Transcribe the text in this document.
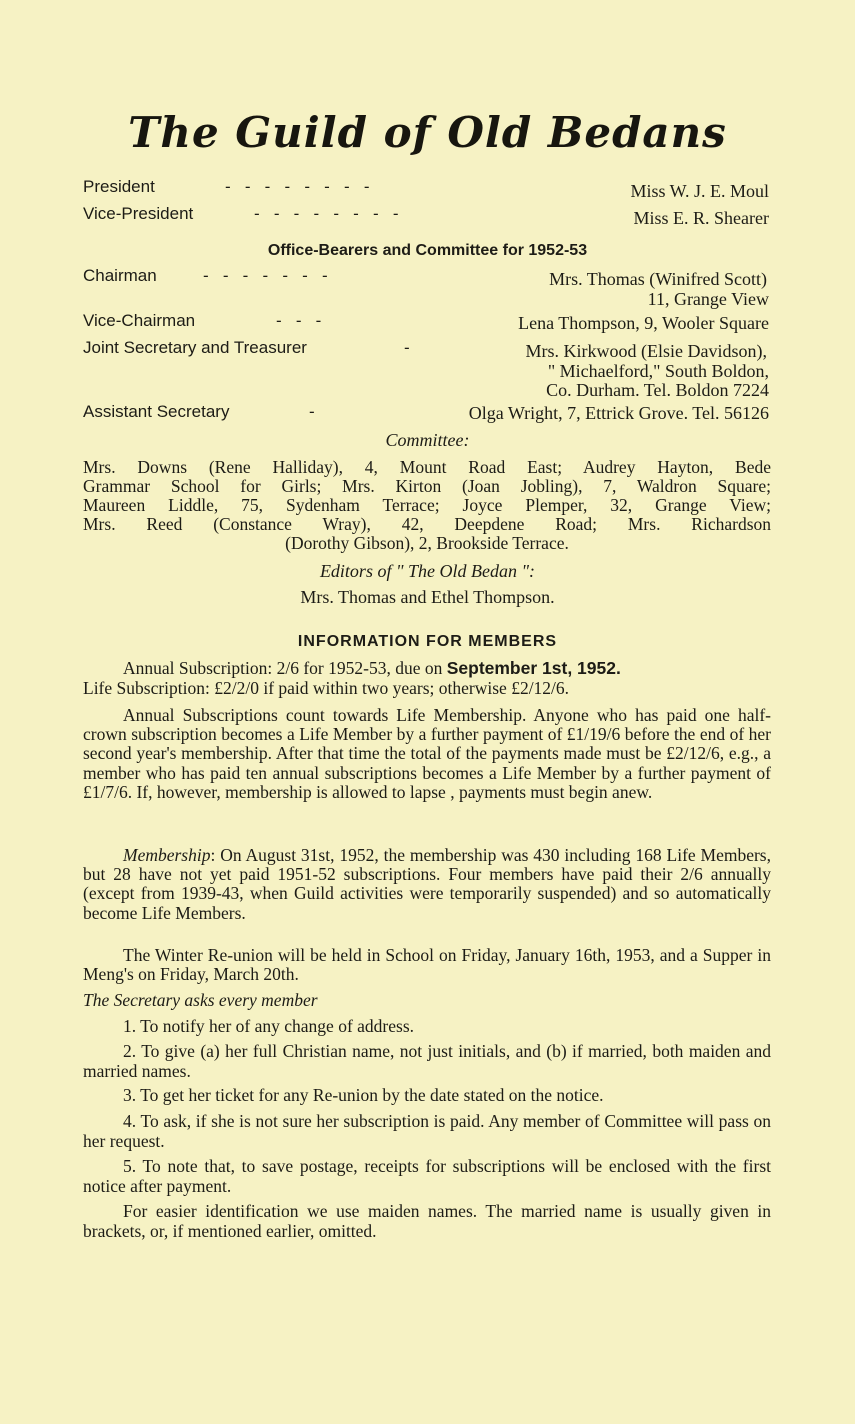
The Guild of Old Bedans
President	-   -   -   -   -   -   -   -	Miss W. J. E. Moul
Vice-President	-   -   -   -   -   -   -   -	Miss E. R. Shearer
Office-Bearers and Committee for 1952-53
Chairman	-   -   -   -   -   -   -	Mrs. Thomas (Winifred Scott)
11, Grange View
Vice-Chairman	-   -   -	Lena Thompson, 9, Wooler Square
Joint Secretary and Treasurer	-	Mrs. Kirkwood (Elsie Davidson),
" Michaelford," South Boldon,
Co. Durham. Tel. Boldon 7224
Assistant Secretary	-	Olga Wright, 7, Ettrick Grove. Tel. 56126
Committee:
Mrs. Downs (Rene Halliday), 4, Mount Road East; Audrey Hayton, Bede
Grammar School for Girls; Mrs. Kirton (Joan Jobling), 7, Waldron Square;
Maureen Liddle, 75, Sydenham Terrace; Joyce Plemper, 32, Grange View;
Mrs. Reed (Constance Wray), 42, Deepdene Road; Mrs. Richardson
(Dorothy Gibson), 2, Brookside Terrace.
Editors of " The Old Bedan ":
Mrs. Thomas and Ethel Thompson.
INFORMATION FOR MEMBERS
Annual Subscription: 2/6 for 1952-53, due on September 1st, 1952.
Life Subscription: £2/2/0 if paid within two years; otherwise £2/12/6.
Annual Subscriptions count towards Life Membership. Anyone who has paid one half-crown subscription becomes a Life Member by a further payment of £1/19/6 before the end of her second year's membership. After that time the total of the payments made must be £2/12/6, e.g., a member who has paid ten annual subscriptions becomes a Life Member by a further payment of £1/7/6. If, however, membership is allowed to lapse , payments must begin anew.
Membership: On August 31st, 1952, the membership was 430 including 168 Life Members, but 28 have not yet paid 1951-52 subscriptions. Four members have paid their 2/6 annually (except from 1939-43, when Guild activities were temporarily suspended) and so automatically become Life Members.
The Winter Re-union will be held in School on Friday, January 16th, 1953, and a Supper in Meng's on Friday, March 20th.
The Secretary asks every member
1. To notify her of any change of address.
2. To give (a) her full Christian name, not just initials, and (b) if married, both maiden and married names.
3. To get her ticket for any Re-union by the date stated on the notice.
4. To ask, if she is not sure her subscription is paid. Any member of Committee will pass on her request.
5. To note that, to save postage, receipts for subscriptions will be enclosed with the first notice after payment.
For easier identification we use maiden names. The married name is usually given in brackets, or, if mentioned earlier, omitted.
